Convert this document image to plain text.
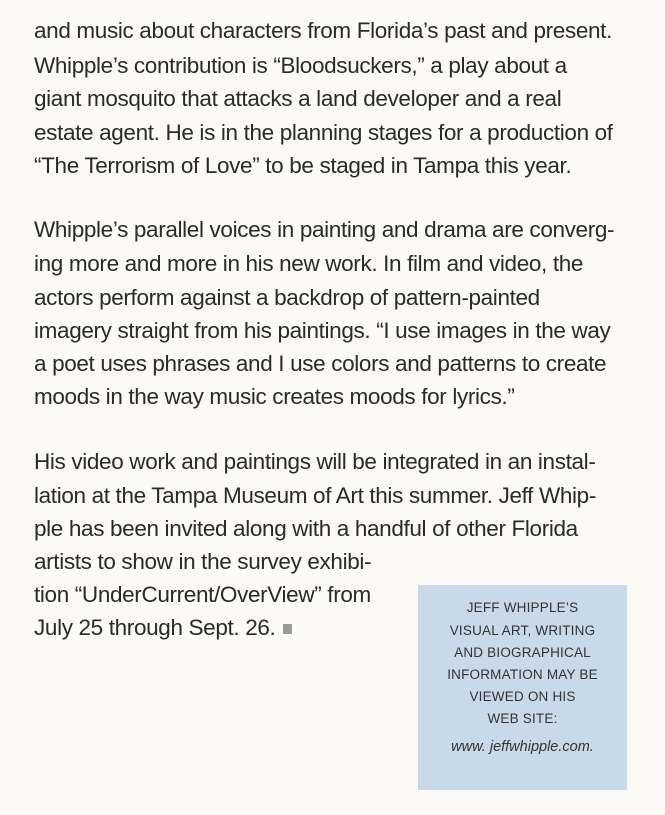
and music about characters from Florida’s past and present.
Whipple’s contribution is “Bloodsuckers,” a play about a
giant mosquito that attacks a land developer and a real
estate agent. He is in the planning stages for a production of
“The Terrorism of Love” to be staged in Tampa this year.
Whipple’s parallel voices in painting and drama are converg-
ing more and more in his new work. In film and video, the
actors perform against a backdrop of pattern-painted
imagery straight from his paintings. “I use images in the way
a poet uses phrases and I use colors and patterns to create
moods in the way music creates moods for lyrics.”
His video work and paintings will be integrated in an instal-
lation at the Tampa Museum of Art this summer. Jeff Whip-
ple has been invited along with a handful of other Florida
artists to show in the survey exhibi-
tion “UnderCurrent/OverView” from
July 25 through Sept. 26.
JEFF WHIPPLE’S
VISUAL ART, WRITING
AND BIOGRAPHICAL
INFORMATION MAY BE
VIEWED ON HIS
WEB SITE:
www. jeffwhipple.com.
